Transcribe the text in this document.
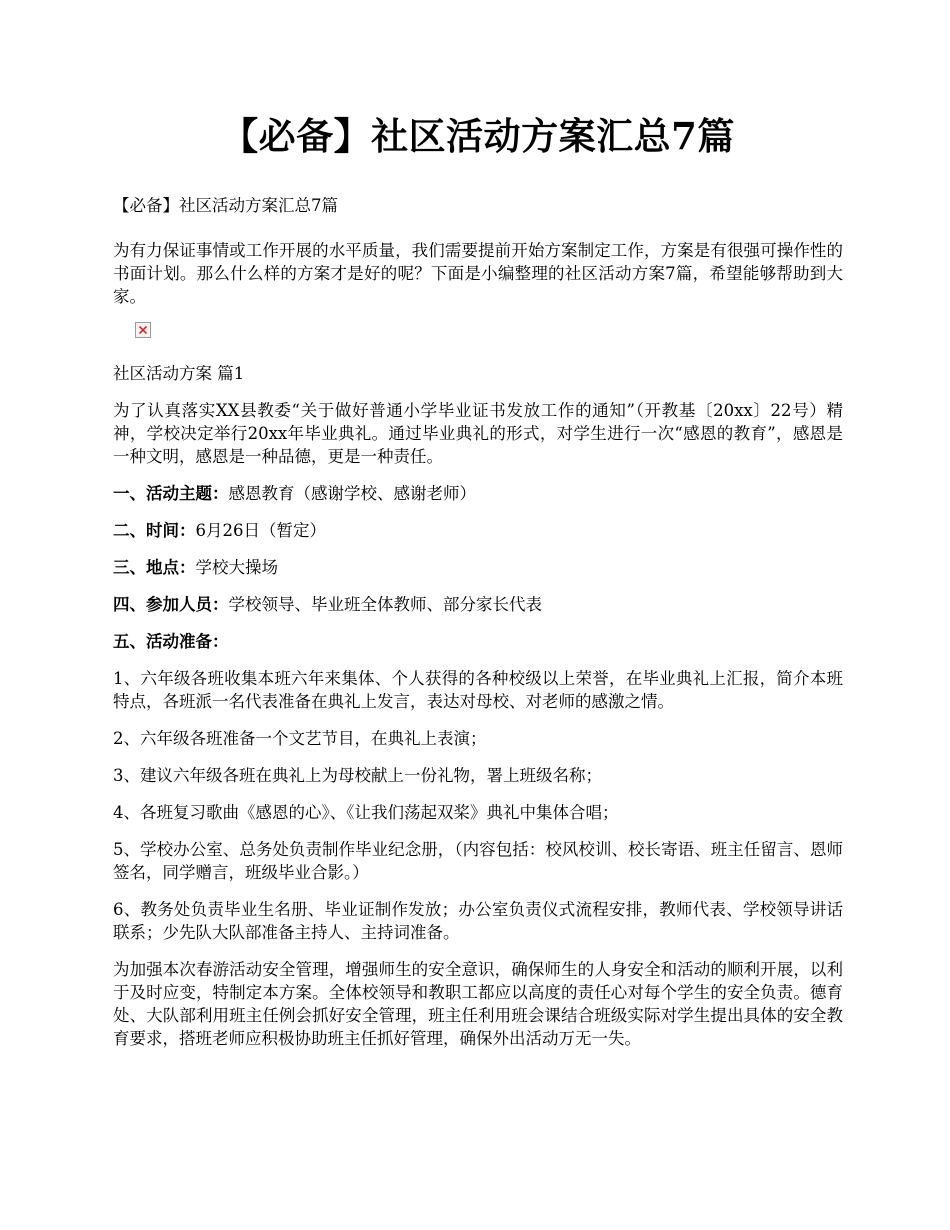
【必备】社区活动方案汇总7篇

【必备】社区活动方案汇总7篇

为有力保证事情或工作开展的水平质量，我们需要提前开始方案制定工作，方案是有很强可操作性的书面计划。那么什么样的方案才是好的呢？下面是小编整理的社区活动方案7篇，希望能够帮助到大家。

社区活动方案 篇1

为了认真落实XX县教委“关于做好普通小学毕业证书发放工作的通知”（开教基〔20xx〕22号）精神，学校决定举行20xx年毕业典礼。通过毕业典礼的形式，对学生进行一次“感恩的教育”，感恩是一种文明，感恩是一种品德，更是一种责任。

一、活动主题：感恩教育（感谢学校、感谢老师）

二、时间：6月26日（暂定）

三、地点：学校大操场

四、参加人员：学校领导、毕业班全体教师、部分家长代表

五、活动准备：

1、六年级各班收集本班六年来集体、个人获得的各种校级以上荣誉，在毕业典礼上汇报，简介本班特点，各班派一名代表准备在典礼上发言，表达对母校、对老师的感激之情。

2、六年级各班准备一个文艺节目，在典礼上表演；

3、建议六年级各班在典礼上为母校献上一份礼物，署上班级名称；

4、各班复习歌曲《感恩的心》、《让我们荡起双桨》典礼中集体合唱；

5、学校办公室、总务处负责制作毕业纪念册，（内容包括：校风校训、校长寄语、班主任留言、恩师签名，同学赠言，班级毕业合影。）

6、教务处负责毕业生名册、毕业证制作发放；办公室负责仪式流程安排，教师代表、学校领导讲话联系；少先队大队部准备主持人、主持词准备。

为加强本次春游活动安全管理，增强师生的安全意识，确保师生的人身安全和活动的顺利开展，以利于及时应变，特制定本方案。全体校领导和教职工都应以高度的责任心对每个学生的安全负责。德育处、大队部利用班主任例会抓好安全管理，班主任利用班会课结合班级实际对学生提出具体的安全教育要求，搭班老师应积极协助班主任抓好管理，确保外出活动万无一失。
